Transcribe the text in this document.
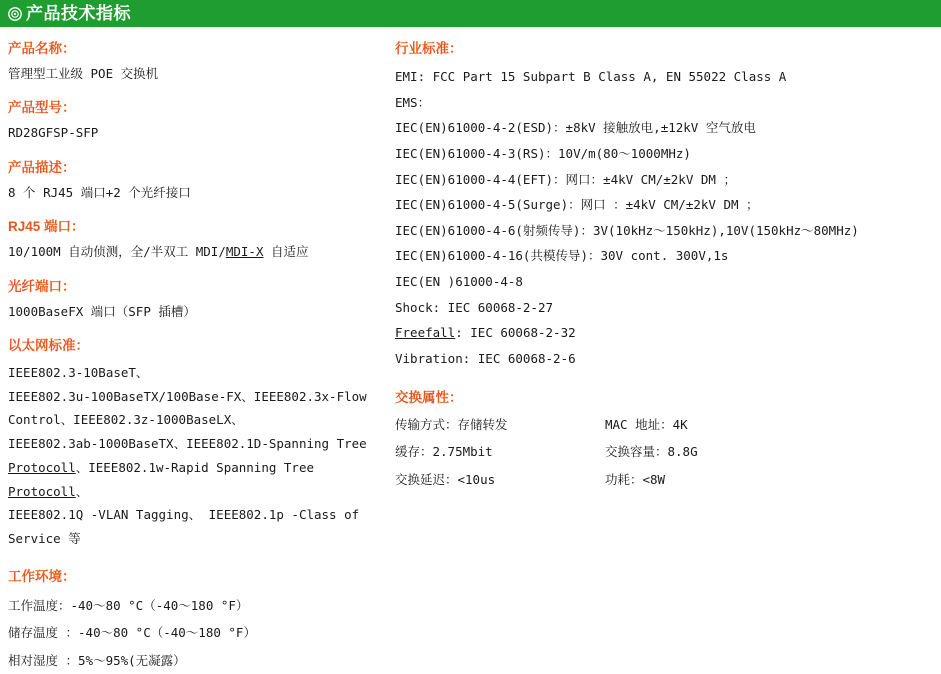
产品技术指标
产品名称：
管理型工业级 POE 交换机
产品型号：
RD28GFSP-SFP
产品描述：
8 个 RJ45 端口+2 个光纤接口
RJ45 端口：
10/100M 自动侦测，全/半双工 MDI/MDI-X 自适应
光纤端口：
1000BaseFX 端口（SFP 插槽）
以太网标准：
IEEE802.3-10BaseT、
IEEE802.3u-100BaseTX/100Base-FX、IEEE802.3x-Flow
Control、IEEE802.3z-1000BaseLX、
IEEE802.3ab-1000BaseTX、IEEE802.1D-Spanning Tree
Protocoll、IEEE802.1w-Rapid Spanning Tree
Protocoll、
IEEE802.1Q -VLAN Tagging、 IEEE802.1p -Class of
Service 等
工作环境：
工作温度：-40～80 °C（-40～180 °F）
储存温度 ：-40～80 °C（-40～180 °F）
相对湿度 ：5%～95%(无凝露）
行业标准：
EMI: FCC Part 15 Subpart B Class A, EN 55022 Class A
EMS：
IEC(EN)61000-4-2(ESD)：±8kV 接触放电,±12kV 空气放电
IEC(EN)61000-4-3(RS)：10V/m(80～1000MHz)
IEC(EN)61000-4-4(EFT)：网口：±4kV CM/±2kV DM ；
IEC(EN)61000-4-5(Surge)：网口 ：±4kV CM/±2kV DM ；
IEC(EN)61000-4-6(射频传导)：3V(10kHz～150kHz),10V(150kHz～80MHz)
IEC(EN)61000-4-16(共模传导)：30V cont. 300V,1s
IEC(EN )61000-4-8
Shock: IEC 60068-2-27
Freefall: IEC 60068-2-32
Vibration: IEC 60068-2-6
交换属性：
传输方式：存储转发	MAC 地址：4K
缓存：2.75Mbit	交换容量：8.8G
交换延迟：<10us	功耗：<8W
